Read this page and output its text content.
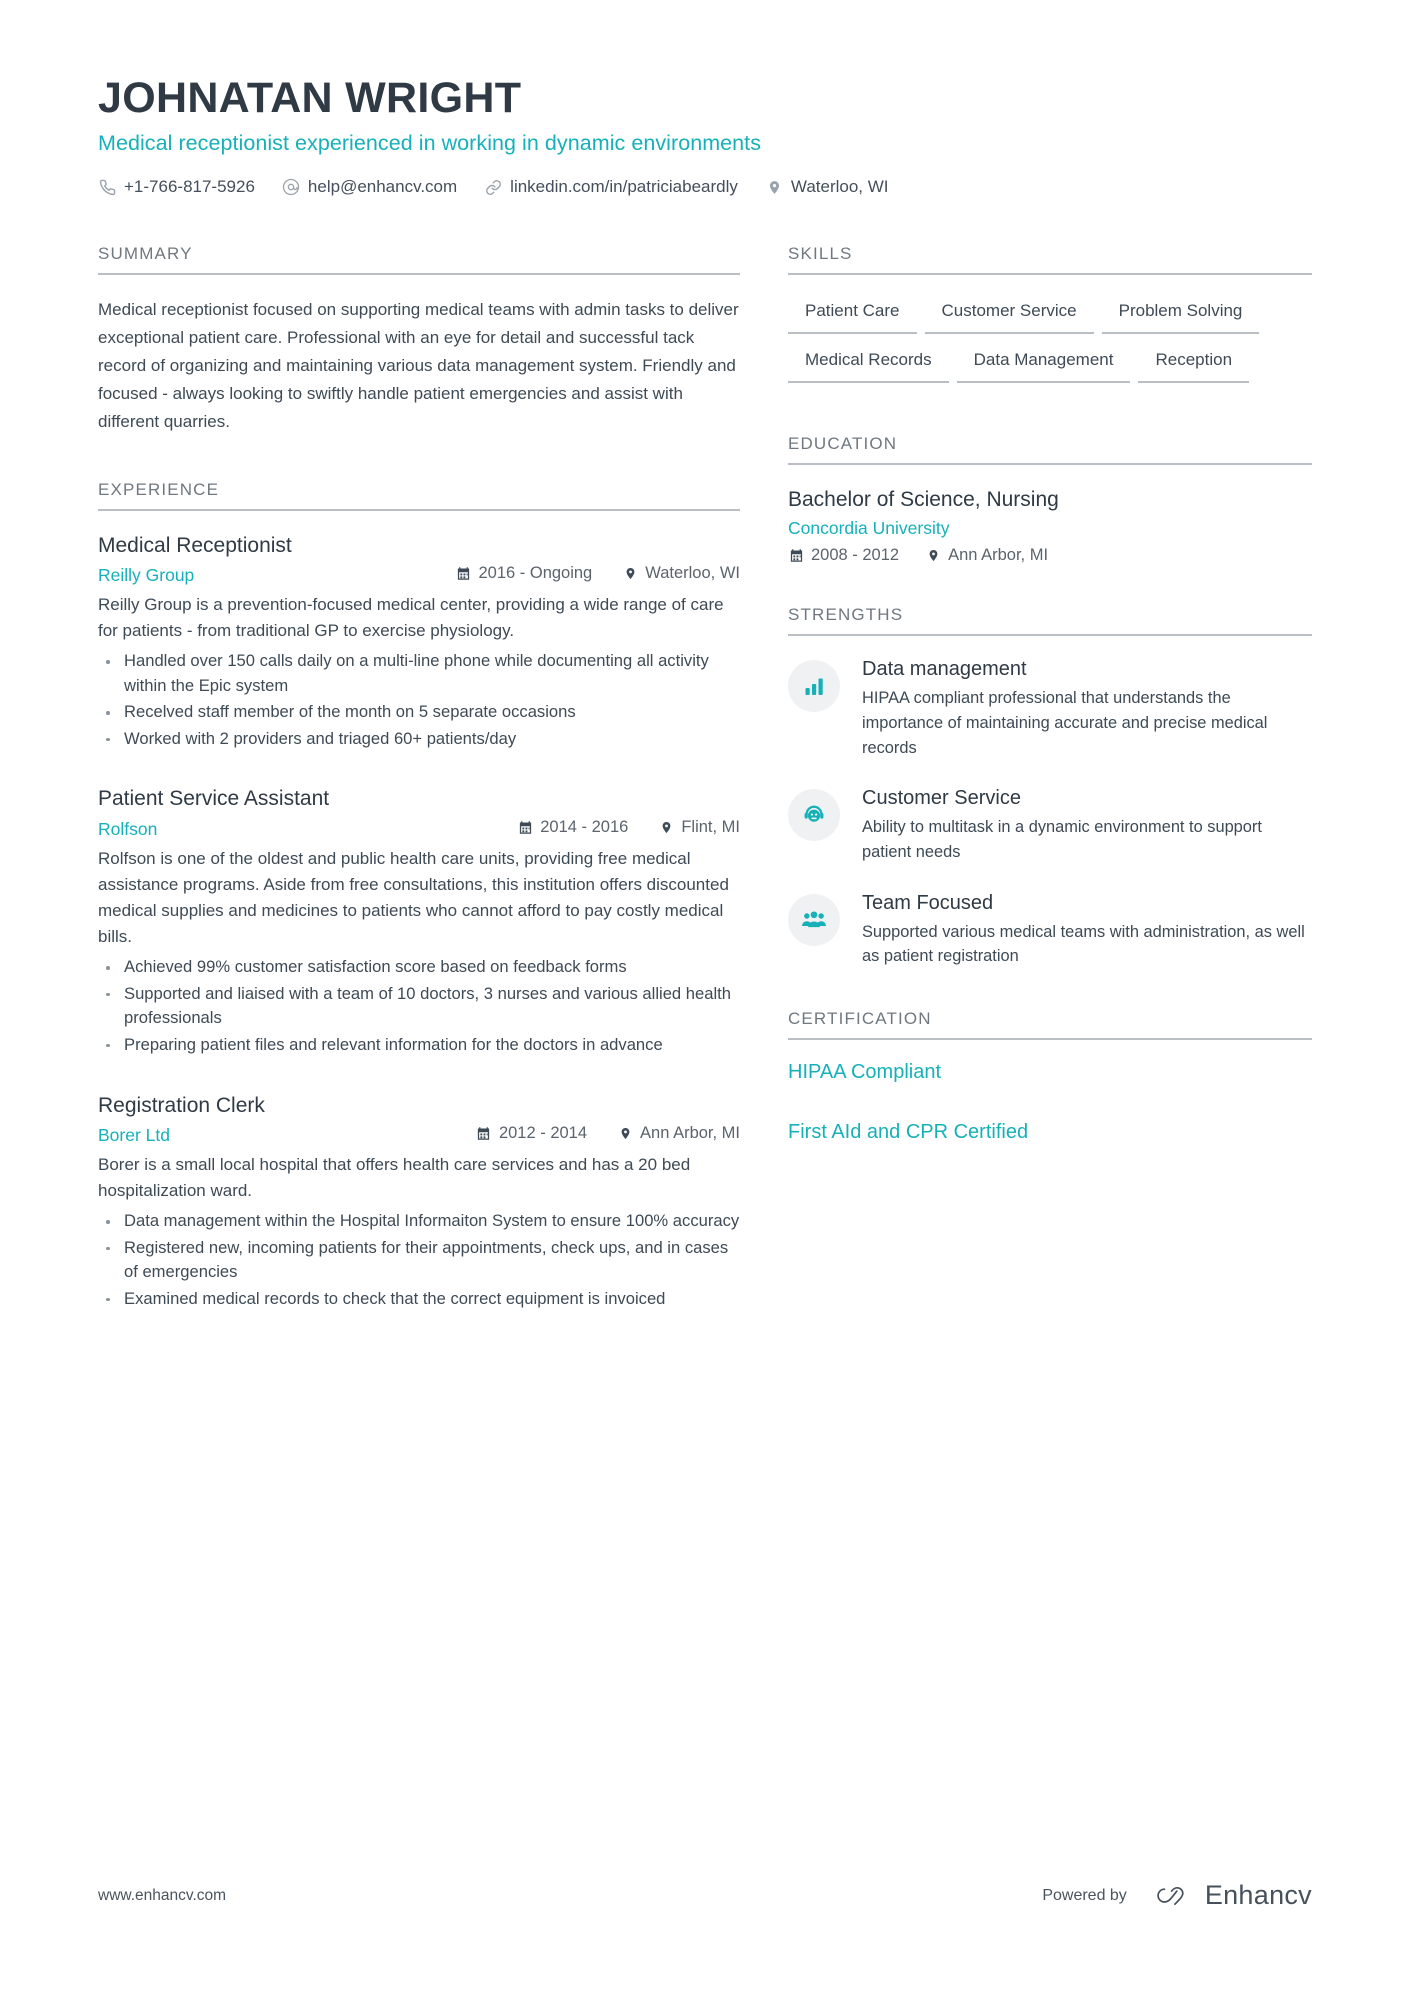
JOHNATAN WRIGHT
Medical receptionist experienced in working in dynamic environments
+1-766-817-5926	help@enhancv.com	linkedin.com/in/patriciabeardly	Waterloo, WI
SUMMARY
Medical receptionist focused on supporting medical teams with admin tasks to deliver exceptional patient care. Professional with an eye for detail and successful tack record of organizing and maintaining various data management system. Friendly and focused - always looking to swiftly handle patient emergencies and assist with different quarries.
EXPERIENCE
Medical Receptionist
Reilly Group	2016 - Ongoing	Waterloo, WI
Reilly Group is a prevention-focused medical center, providing a wide range of care for patients - from traditional GP to exercise physiology.
Handled over 150 calls daily on a multi-line phone while documenting all activity within the Epic system
Recelved staff member of the month on 5 separate occasions
Worked with 2 providers and triaged 60+ patients/day
Patient Service Assistant
Rolfson	2014 - 2016	Flint, MI
Rolfson is one of the oldest and public health care units, providing free medical assistance programs. Aside from free consultations, this institution offers discounted medical supplies and medicines to patients who cannot afford to pay costly medical bills.
Achieved 99% customer satisfaction score based on feedback forms
Supported and liaised with a team of 10 doctors, 3 nurses and various allied health professionals
Preparing patient files and relevant information for the doctors in advance
Registration Clerk
Borer Ltd	2012 - 2014	Ann Arbor, MI
Borer is a small local hospital that offers health care services and has a 20 bed hospitalization ward.
Data management within the Hospital Informaiton System to ensure 100% accuracy
Registered new, incoming patients for their appointments, check ups, and in cases of emergencies
Examined medical records to check that the correct equipment is invoiced
SKILLS
Patient Care	Customer Service	Problem Solving
Medical Records	Data Management	Reception
EDUCATION
Bachelor of Science, Nursing
Concordia University
2008 - 2012	Ann Arbor, MI
STRENGTHS
Data management
HIPAA compliant professional that understands the importance of maintaining accurate and precise medical records
Customer Service
Ability to multitask in a dynamic environment to support patient needs
Team Focused
Supported various medical teams with administration, as well as patient registration
CERTIFICATION
HIPAA Compliant
First AId and CPR Certified
www.enhancv.com	Powered by	Enhancv
